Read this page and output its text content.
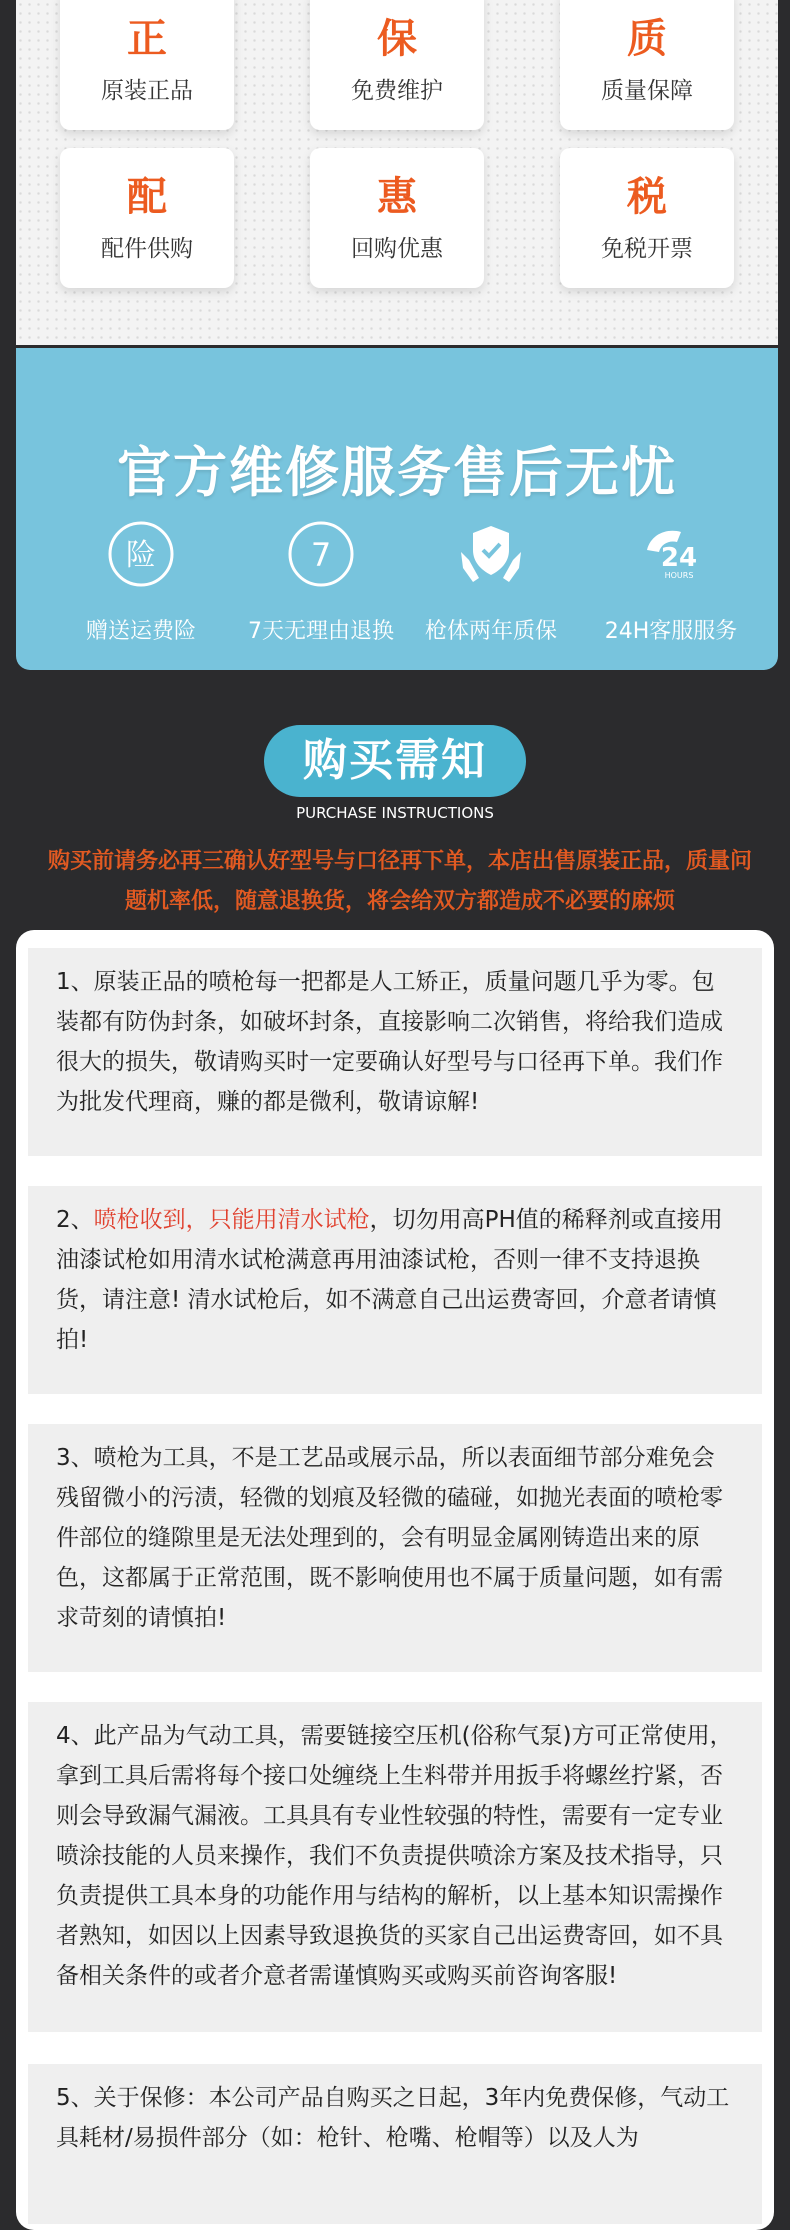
正
原装正品
保
免费维护
质
质量保障
配
配件供购
惠
回购优惠
税
免税开票
官方维修服务售后无忧
险
赠送运费险
7
7天无理由退换	枪体两年质保
24
HOURS
24H客服服务
购买需知
PURCHASE INSTRUCTIONS
购买前请务必再三确认好型号与口径再下单，本店出售原装正品，质量问题机率低，随意退换货，将会给双方都造成不必要的麻烦
1、原装正品的喷枪每一把都是人工矫正，质量问题几乎为零。包装都有防伪封条，如破坏封条，直接影响二次销售，将给我们造成很大的损失，敬请购买时一定要确认好型号与口径再下单。我们作为批发代理商，赚的都是微利，敬请谅解!
2、喷枪收到，只能用清水试枪，切勿用高PH值的稀释剂或直接用油漆试枪如用清水试枪满意再用油漆试枪，否则一律不支持退换货，请注意! 清水试枪后，如不满意自己出运费寄回，介意者请慎拍!
3、喷枪为工具，不是工艺品或展示品，所以表面细节部分难免会残留微小的污渍，轻微的划痕及轻微的磕碰，如抛光表面的喷枪零件部位的缝隙里是无法处理到的，会有明显金属刚铸造出来的原色，这都属于正常范围，既不影响使用也不属于质量问题，如有需求苛刻的请慎拍!
4、此产品为气动工具，需要链接空压机(俗称气泵)方可正常使用，拿到工具后需将每个接口处缠绕上生料带并用扳手将螺丝拧紧，否则会导致漏气漏液。工具具有专业性较强的特性，需要有一定专业喷涂技能的人员来操作，我们不负责提供喷涂方案及技术指导，只负责提供工具本身的功能作用与结构的解析，以上基本知识需操作者熟知，如因以上因素导致退换货的买家自己出运费寄回，如不具备相关条件的或者介意者需谨慎购买或购买前咨询客服!
5、关于保修：本公司产品自购买之日起，3年内免费保修，气动工具耗材/易损件部分（如：枪针、枪嘴、枪帽等）以及人为
